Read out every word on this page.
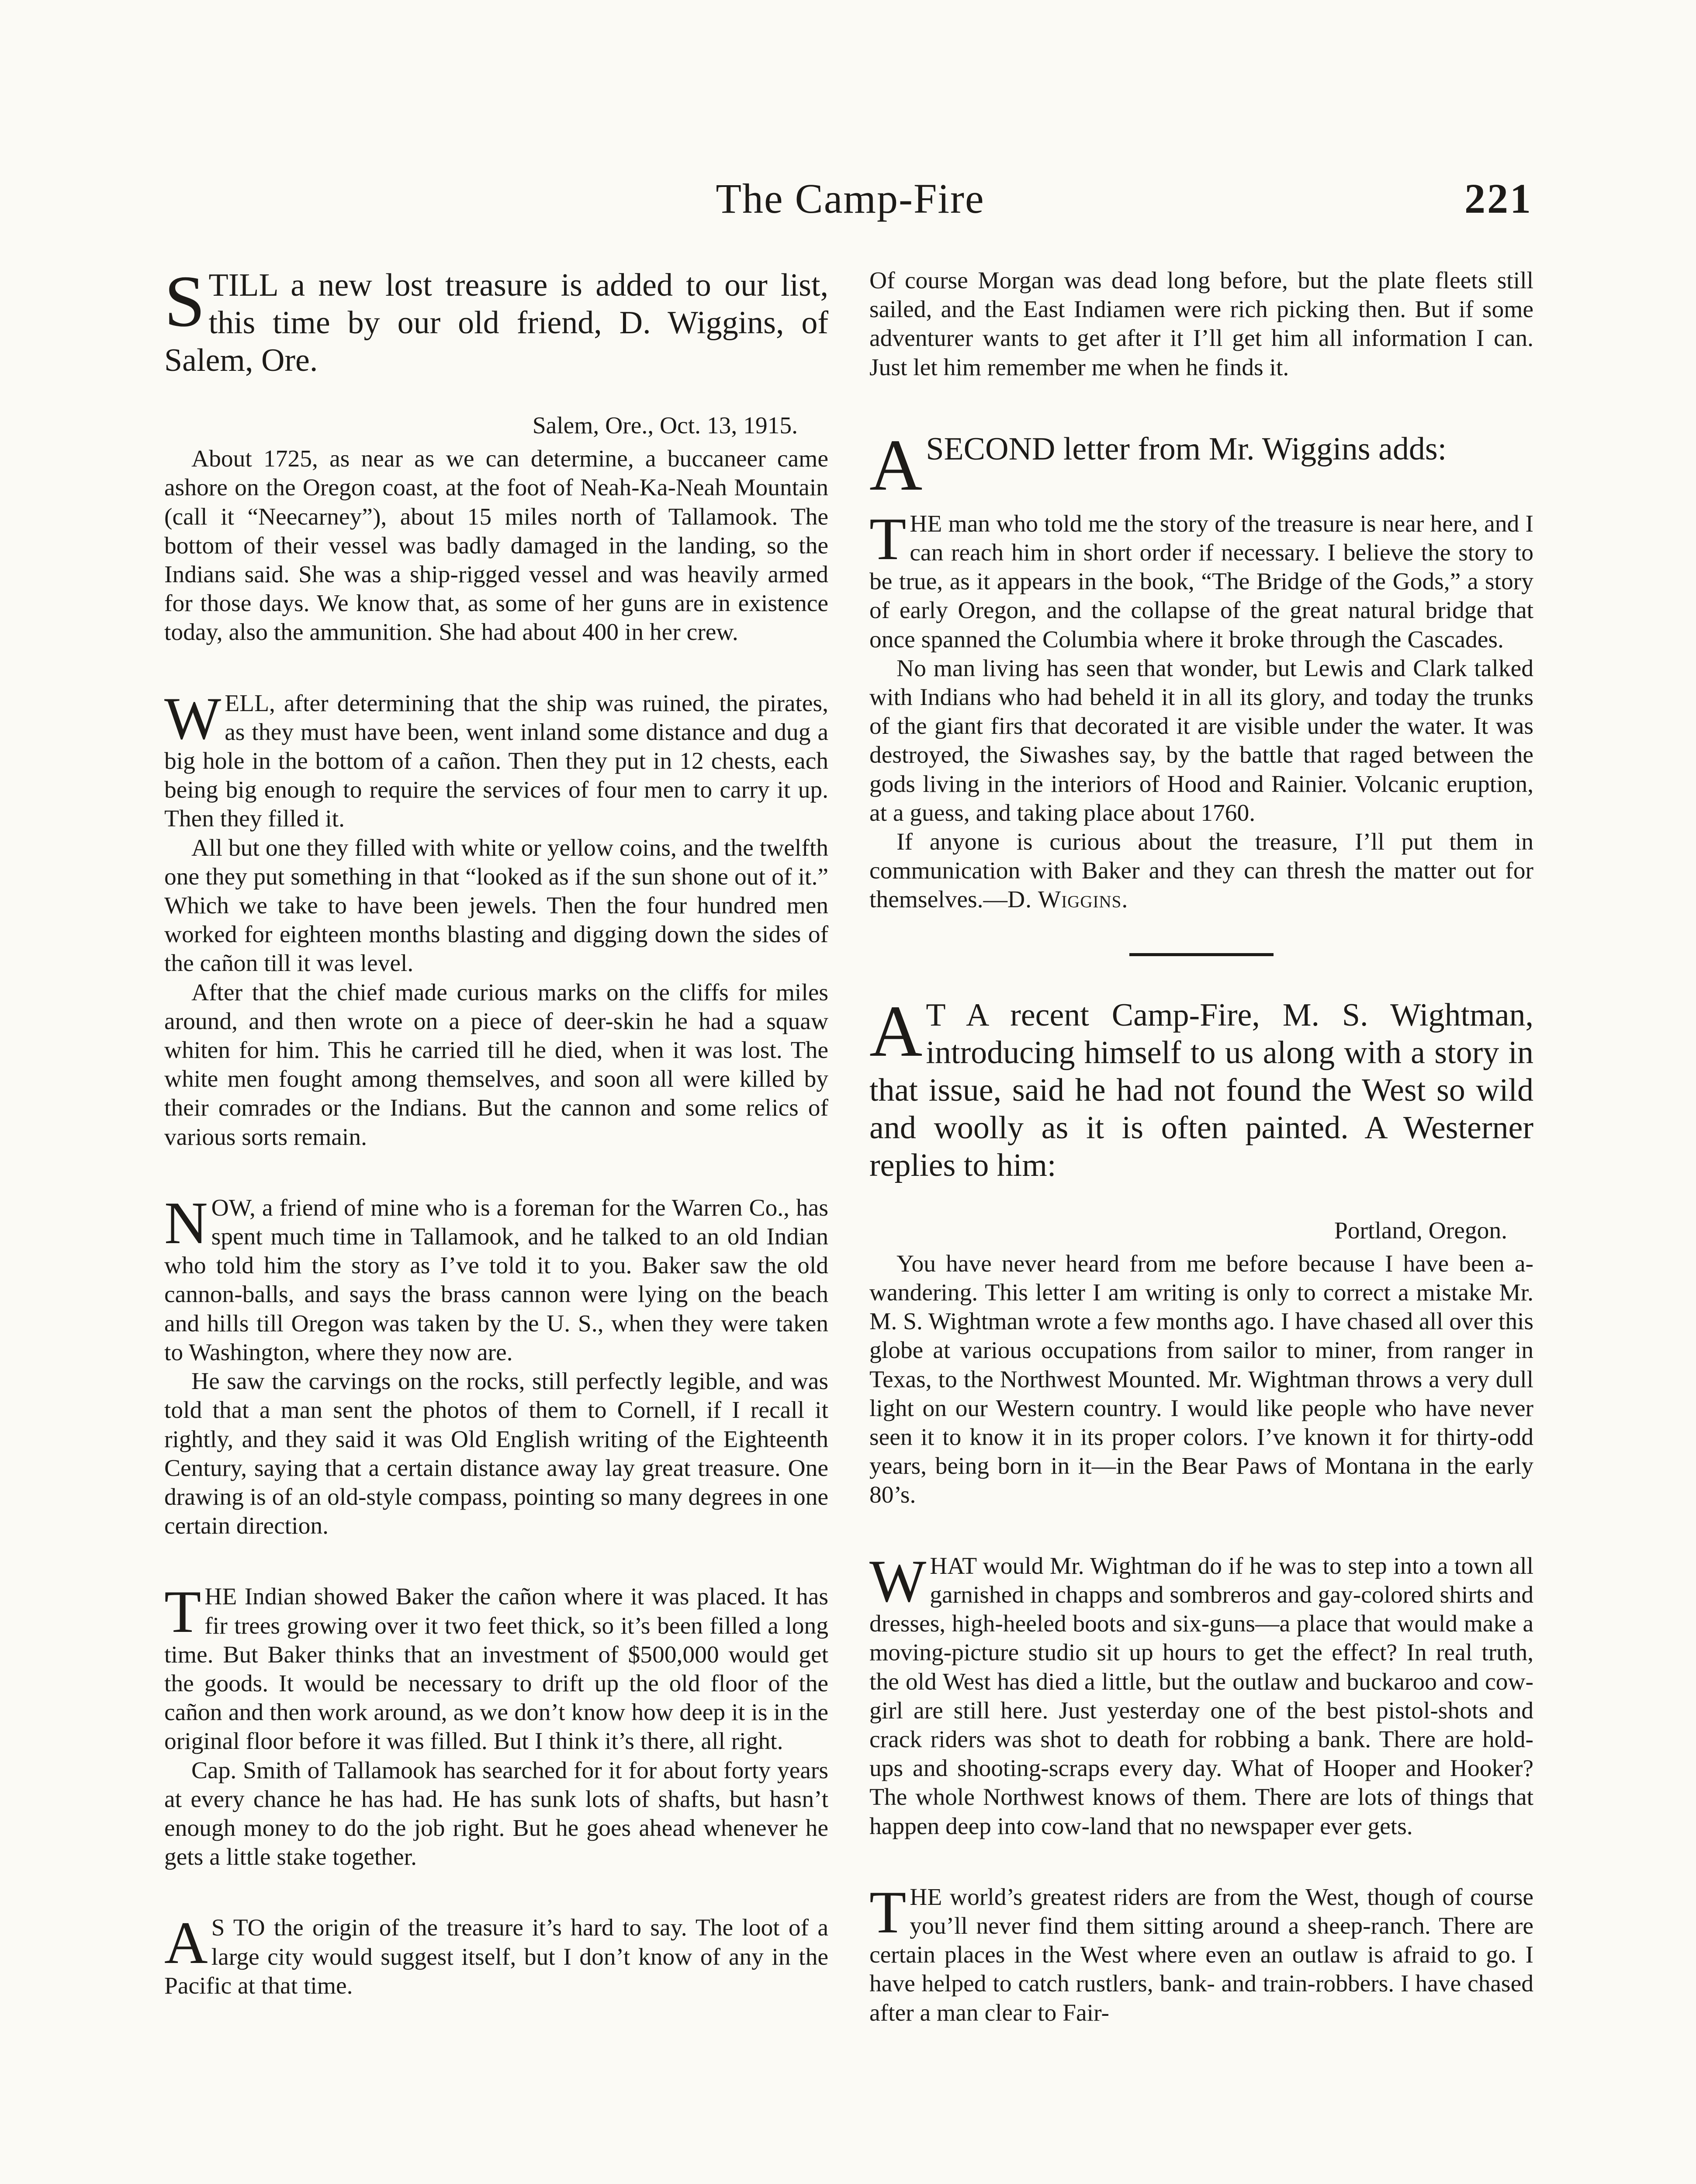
The Camp-Fire	221

STILL a new lost treasure is added to our list, this time by our old friend, D. Wiggins, of Salem, Ore.

Salem, Ore., Oct. 13, 1915.

About 1725, as near as we can determine, a buccaneer came ashore on the Oregon coast, at the foot of Neah-Ka-Neah Mountain (call it “Neecarney”), about 15 miles north of Tallamook. The bottom of their vessel was badly damaged in the landing, so the Indians said. She was a ship-rigged vessel and was heavily armed for those days. We know that, as some of her guns are in existence today, also the ammunition. She had about 400 in her crew.

WELL, after determining that the ship was ruined, the pirates, as they must have been, went inland some distance and dug a big hole in the bottom of a cañon. Then they put in 12 chests, each being big enough to require the services of four men to carry it up. Then they filled it.

All but one they filled with white or yellow coins, and the twelfth one they put something in that “looked as if the sun shone out of it.” Which we take to have been jewels. Then the four hundred men worked for eighteen months blasting and digging down the sides of the cañon till it was level.

After that the chief made curious marks on the cliffs for miles around, and then wrote on a piece of deer-skin he had a squaw whiten for him. This he carried till he died, when it was lost. The white men fought among themselves, and soon all were killed by their comrades or the Indians. But the cannon and some relics of various sorts remain.

NOW, a friend of mine who is a foreman for the Warren Co., has spent much time in Tallamook, and he talked to an old Indian who told him the story as I’ve told it to you. Baker saw the old cannon-balls, and says the brass cannon were lying on the beach and hills till Oregon was taken by the U. S., when they were taken to Washington, where they now are.

He saw the carvings on the rocks, still perfectly legible, and was told that a man sent the photos of them to Cornell, if I recall it rightly, and they said it was Old English writing of the Eighteenth Century, saying that a certain distance away lay great treasure. One drawing is of an old-style compass, pointing so many degrees in one certain direction.

THE Indian showed Baker the cañon where it was placed. It has fir trees growing over it two feet thick, so it’s been filled a long time. But Baker thinks that an investment of $500,000 would get the goods. It would be necessary to drift up the old floor of the cañon and then work around, as we don’t know how deep it is in the original floor before it was filled. But I think it’s there, all right.

Cap. Smith of Tallamook has searched for it for about forty years at every chance he has had. He has sunk lots of shafts, but hasn’t enough money to do the job right. But he goes ahead whenever he gets a little stake together.

A S TO the origin of the treasure it’s hard to say. The loot of a large city would suggest itself, but I don’t know of any in the Pacific at that time.

Of course Morgan was dead long before, but the plate fleets still sailed, and the East Indiamen were rich picking then. But if some adventurer wants to get after it I’ll get him all information I can. Just let him remember me when he finds it.

ASECOND letter from Mr. Wiggins adds:

THE man who told me the story of the treasure is near here, and I can reach him in short order if necessary. I believe the story to be true, as it appears in the book, “The Bridge of the Gods,” a story of early Oregon, and the collapse of the great natural bridge that once spanned the Columbia where it broke through the Cascades.

No man living has seen that wonder, but Lewis and Clark talked with Indians who had beheld it in all its glory, and today the trunks of the giant firs that decorated it are visible under the water. It was destroyed, the Siwashes say, by the battle that raged between the gods living in the interiors of Hood and Rainier. Volcanic eruption, at a guess, and taking place about 1760.

If anyone is curious about the treasure, I’ll put them in communication with Baker and they can thresh the matter out for themselves.—D. Wiggins.

A T A recent Camp-Fire, M. S. Wightman, introducing himself to us along with a story in that issue, said he had not found the West so wild and woolly as it is often painted. A Westerner replies to him:

Portland, Oregon.

You have never heard from me before because I have been a-wandering. This letter I am writing is only to correct a mistake Mr. M. S. Wightman wrote a few months ago. I have chased all over this globe at various occupations from sailor to miner, from ranger in Texas, to the Northwest Mounted. Mr. Wightman throws a very dull light on our Western country. I would like people who have never seen it to know it in its proper colors. I’ve known it for thirty-odd years, being born in it—in the Bear Paws of Montana in the early 80’s.

WHAT would Mr. Wightman do if he was to step into a town all garnished in chapps and sombreros and gay-colored shirts and dresses, high-heeled boots and six-guns—a place that would make a moving-picture studio sit up hours to get the effect? In real truth, the old West has died a little, but the outlaw and buckaroo and cow-girl are still here. Just yesterday one of the best pistol-shots and crack riders was shot to death for robbing a bank. There are hold-ups and shooting-scraps every day. What of Hooper and Hooker? The whole Northwest knows of them. There are lots of things that happen deep into cow-land that no newspaper ever gets.

THE world’s greatest riders are from the West, though of course you’ll never find them sitting around a sheep-ranch. There are certain places in the West where even an outlaw is afraid to go. I have helped to catch rustlers, bank- and train-robbers. I have chased after a man clear to Fair-
